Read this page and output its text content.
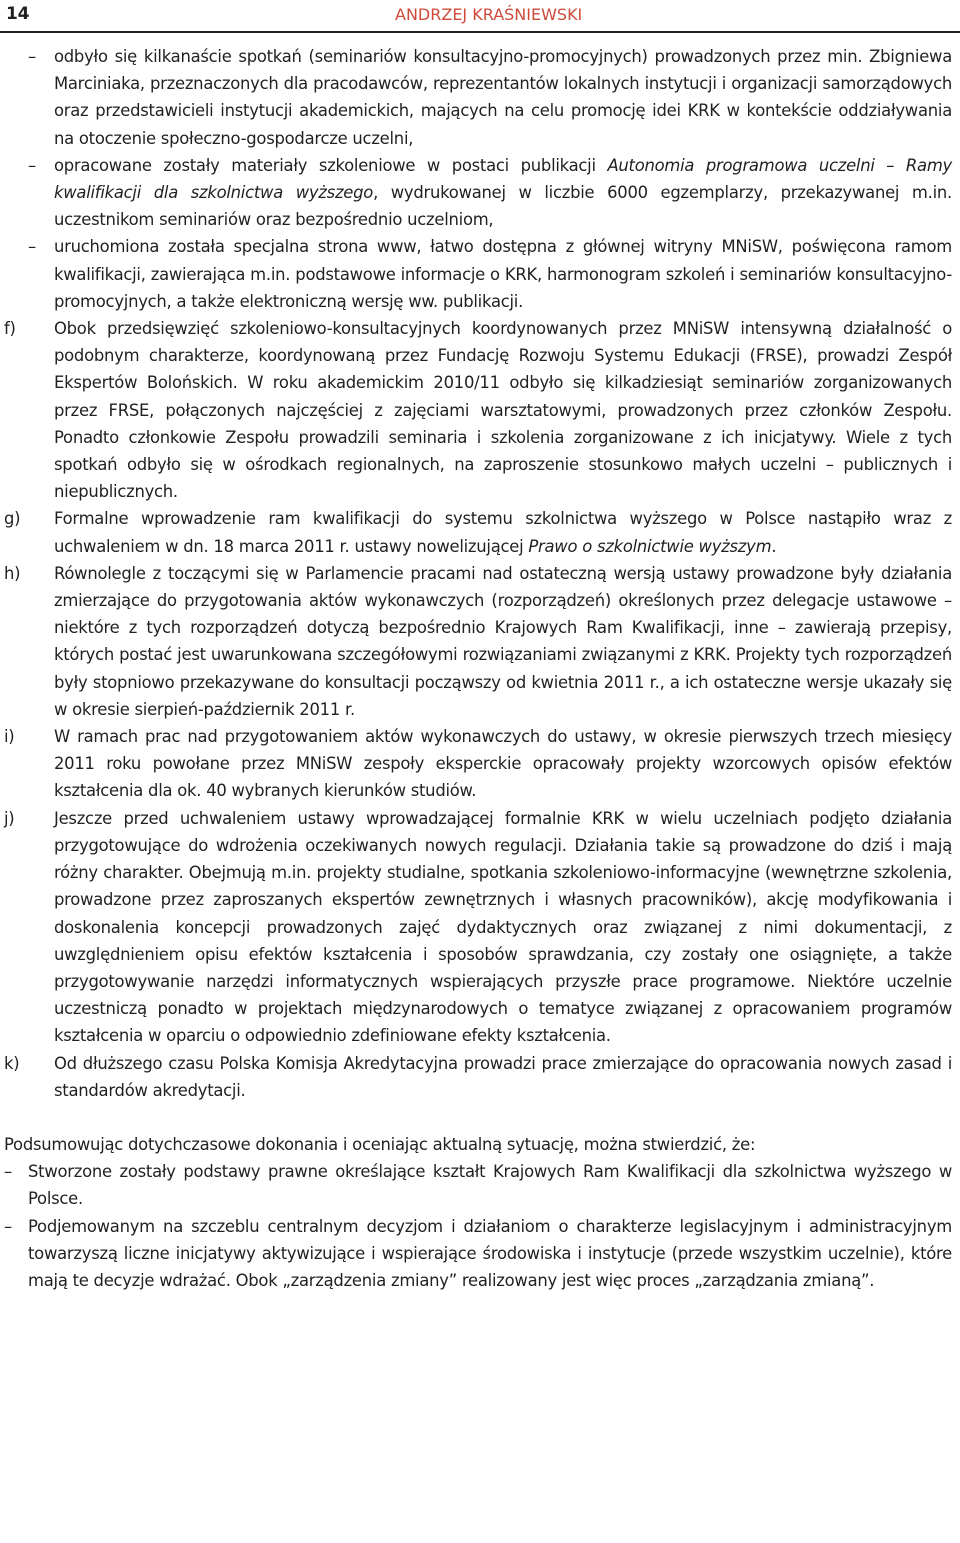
14	ANDRZEJ KRAŚNIEWSKI
– odbyło się kilkanaście spotkań (seminariów konsultacyjno-promocyjnych) prowadzonych przez min. Zbigniewa Marciniaka, przeznaczonych dla pracodawców, reprezentantów lokalnych instytucji i organizacji samorządowych oraz przedstawicieli instytucji akademickich, mających na celu promocję idei KRK w kontekście oddziaływania na otoczenie społeczno-gospodarcze uczelni,
– opracowane zostały materiały szkoleniowe w postaci publikacji Autonomia programowa uczelni – Ramy kwalifikacji dla szkolnictwa wyższego, wydrukowanej w liczbie 6000 egzemplarzy, przekazywanej m.in. uczestnikom seminariów oraz bezpośrednio uczelniom,
– uruchomiona została specjalna strona www, łatwo dostępna z głównej witryny MNiSW, poświęcona ramom kwalifikacji, zawierająca m.in. podstawowe informacje o KRK, harmonogram szkoleń i seminariów konsultacyjno-promocyjnych, a także elektroniczną wersję ww. publikacji.
f) Obok przedsięwzięć szkoleniowo-konsultacyjnych koordynowanych przez MNiSW intensywną działalność o podobnym charakterze, koordynowaną przez Fundację Rozwoju Systemu Edukacji (FRSE), prowadzi Zespół Ekspertów Bolońskich. W roku akademickim 2010/11 odbyło się kilkadziesiąt seminariów zorganizowanych przez FRSE, połączonych najczęściej z zajęciami warsztatowymi, prowadzonych przez członków Zespołu. Ponadto członkowie Zespołu prowadzili seminaria i szkolenia zorganizowane z ich inicjatywy. Wiele z tych spotkań odbyło się w ośrodkach regionalnych, na zaproszenie stosunkowo małych uczelni – publicznych i niepublicznych.
g) Formalne wprowadzenie ram kwalifikacji do systemu szkolnictwa wyższego w Polsce nastąpiło wraz z uchwaleniem w dn. 18 marca 2011 r. ustawy nowelizującej Prawo o szkolnictwie wyższym.
h) Równolegle z toczącymi się w Parlamencie pracami nad ostateczną wersją ustawy prowadzone były działania zmierzające do przygotowania aktów wykonawczych (rozporządzeń) określonych przez delegacje ustawowe – niektóre z tych rozporządzeń dotyczą bezpośrednio Krajowych Ram Kwalifikacji, inne – zawierają przepisy, których postać jest uwarunkowana szczegółowymi rozwiązaniami związanymi z KRK. Projekty tych rozporządzeń były stopniowo przekazywane do konsultacji począwszy od kwietnia 2011 r., a ich ostateczne wersje ukazały się w okresie sierpień-październik 2011 r.
i) W ramach prac nad przygotowaniem aktów wykonawczych do ustawy, w okresie pierwszych trzech miesięcy 2011 roku powołane przez MNiSW zespoły eksperckie opracowały projekty wzorcowych opisów efektów kształcenia dla ok. 40 wybranych kierunków studiów.
j) Jeszcze przed uchwaleniem ustawy wprowadzającej formalnie KRK w wielu uczelniach podjęto działania przygotowujące do wdrożenia oczekiwanych nowych regulacji. Działania takie są prowadzone do dziś i mają różny charakter. Obejmują m.in. projekty studialne, spotkania szkoleniowo-informacyjne (wewnętrzne szkolenia, prowadzone przez zaproszanych ekspertów zewnętrznych i własnych pracowników), akcję modyfikowania i doskonalenia koncepcji prowadzonych zajęć dydaktycznych oraz związanej z nimi dokumentacji, z uwzględnieniem opisu efektów kształcenia i sposobów sprawdzania, czy zostały one osiągnięte, a także przygotowywanie narzędzi informatycznych wspierających przyszłe prace programowe. Niektóre uczelnie uczestniczą ponadto w projektach międzynarodowych o tematyce związanej z opracowaniem programów kształcenia w oparciu o odpowiednio zdefiniowane efekty kształcenia.
k) Od dłuższego czasu Polska Komisja Akredytacyjna prowadzi prace zmierzające do opracowania nowych zasad i standardów akredytacji.
Podsumowując dotychczasowe dokonania i oceniając aktualną sytuację, można stwierdzić, że:
– Stworzone zostały podstawy prawne określające kształt Krajowych Ram Kwalifikacji dla szkolnictwa wyższego w Polsce.
– Podjemowanym na szczeblu centralnym decyzjom i działaniom o charakterze legislacyjnym i administracyjnym towarzyszą liczne inicjatywy aktywizujące i wspierające środowiska i instytucje (przede wszystkim uczelnie), które mają te decyzje wdrażać. Obok „zarządzenia zmiany” realizowany jest więc proces „zarządzania zmianą”.
